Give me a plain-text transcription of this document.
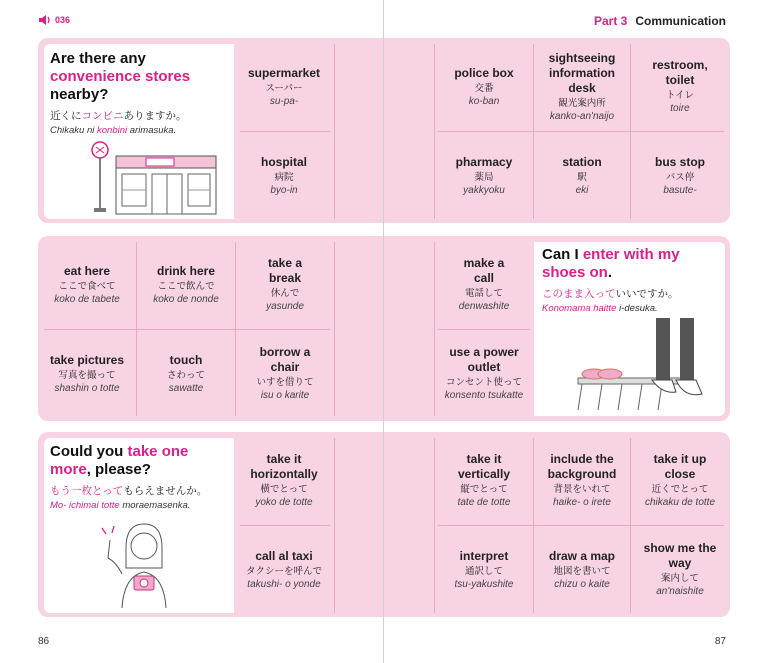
036	Part 3 Communication
Are there any
convenience stores
nearby?
近くにコンビニありますか。
Chikaku ni konbini arimasuka.
supermarket
スーパー
su-pa-
hospital
病院
byo-in
police box
交番
ko-ban
sightseeing information desk
観光案内所
kanko-an'naijo
restroom, toilet
トイレ
toire
pharmacy
薬局
yakkyoku
station
駅
eki
bus stop
バス停
basute-
eat here
ここで食べて
koko de tabete
drink here
ここで飲んで
koko de nonde
take a break
休んで
yasunde
take pictures
写真を撮って
shashin o totte
touch
さわって
sawatte
borrow a chair
いすを借りて
isu o karite
make a call
電話して
denwashite
use a power outlet
コンセント使って
konsento tsukatte
Can I enter with my shoes on.
このまま入っていいですか。
Konomama haitte i-desuka.
Could you take one more, please?
もう一枚とってもらえませんか。
Mo- ichimai totte moraemasenka.
take it horizontally
横でとって
yoko de totte
call al taxi
タクシーを呼んで
takushi- o yonde
take it vertically
縦でとって
tate de totte
include the background
背景をいれて
haike- o irete
take it up close
近くでとって
chikaku de totte
interpret
通訳して
tsu-yakushite
draw a map
地図を書いて
chizu o kaite
show me the way
案内して
an'naishite
86	87
